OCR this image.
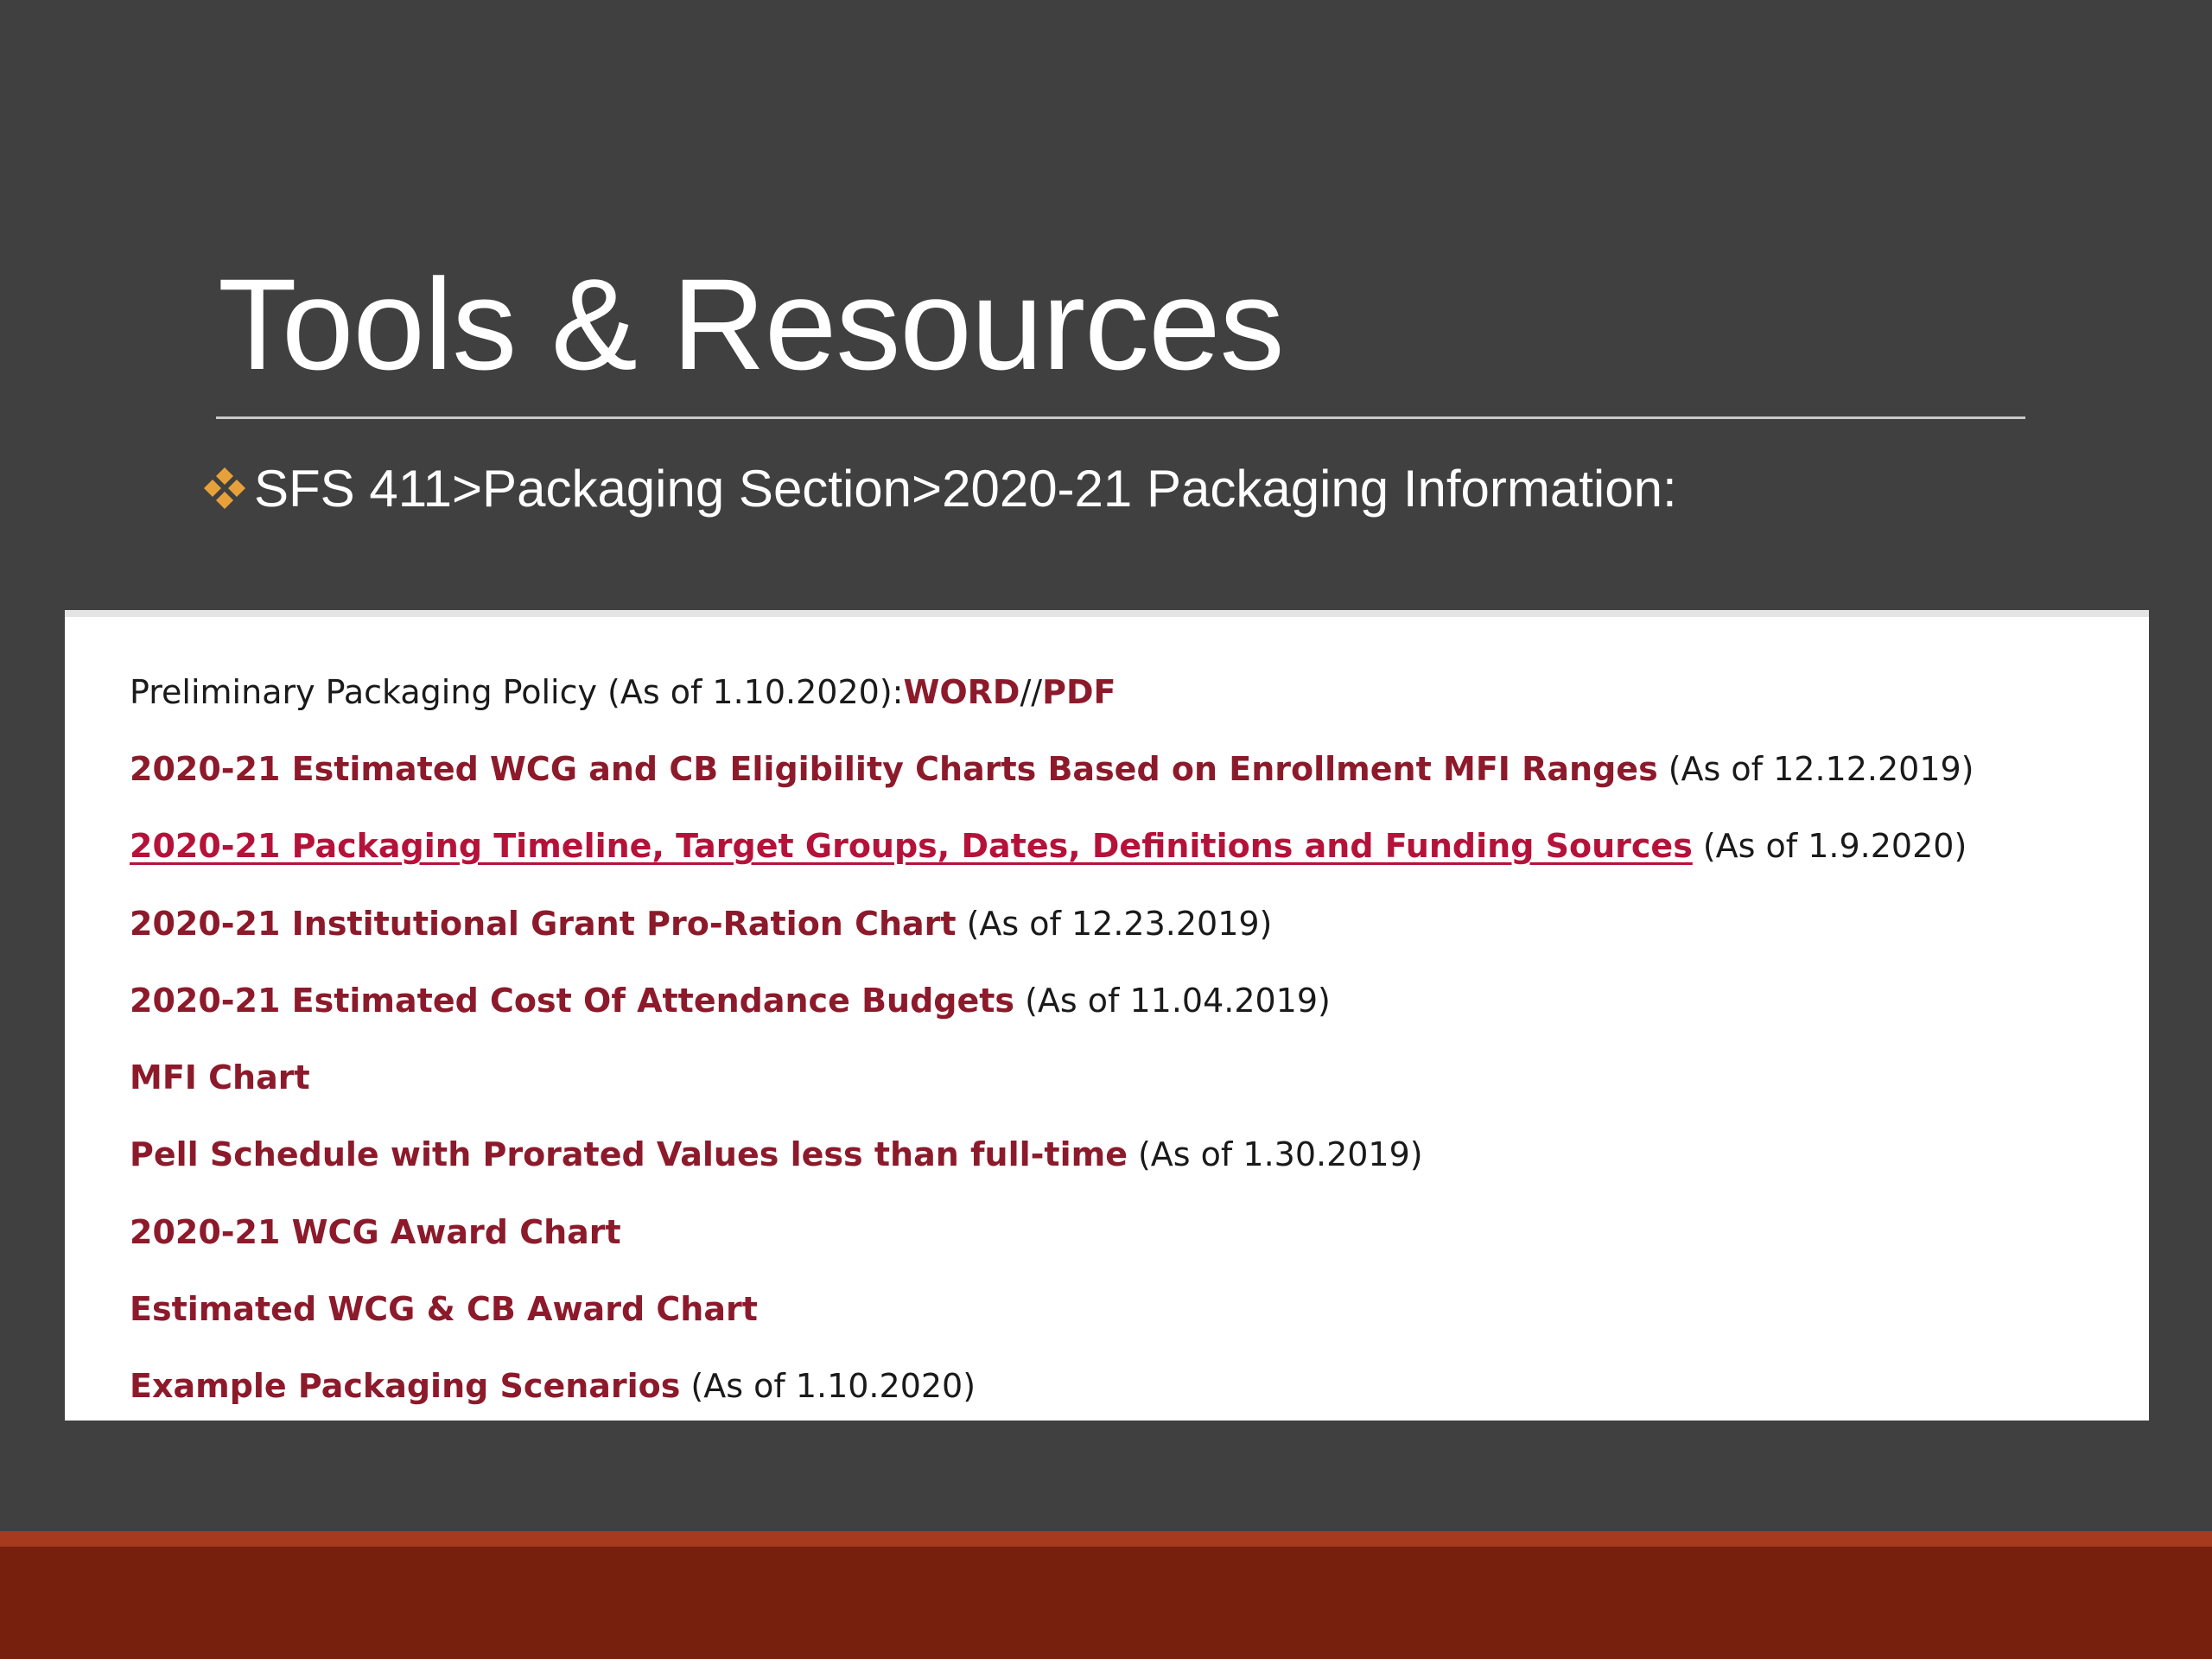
Tools & Resources
SFS 411>Packaging Section>2020-21 Packaging Information:
Preliminary Packaging Policy (As of 1.10.2020): WORD // PDF
2020-21 Estimated WCG and CB Eligibility Charts Based on Enrollment MFI Ranges (As of 12.12.2019)
2020-21 Packaging Timeline, Target Groups, Dates, Definitions and Funding Sources (As of 1.9.2020)
2020-21 Institutional Grant Pro-Ration Chart (As of 12.23.2019)
2020-21 Estimated Cost Of Attendance Budgets (As of 11.04.2019)
MFI Chart
Pell Schedule with Prorated Values less than full-time (As of 1.30.2019)
2020-21 WCG Award Chart
Estimated WCG & CB Award Chart
Example Packaging Scenarios (As of 1.10.2020)
